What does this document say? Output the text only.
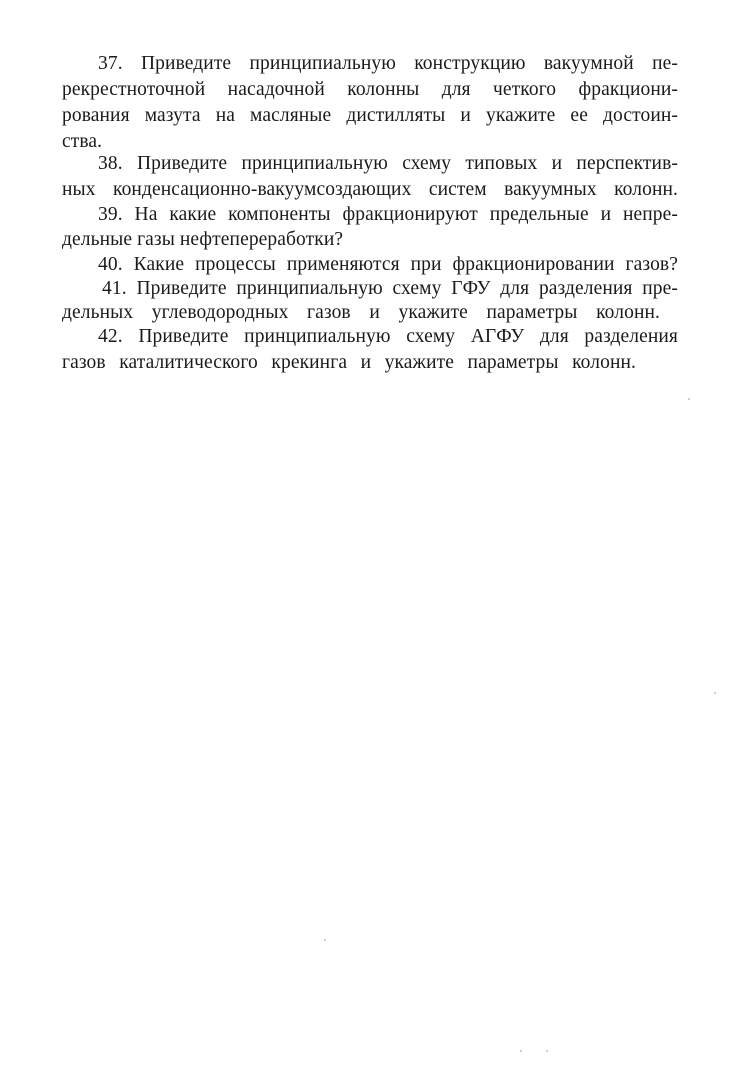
37. Приведите принципиальную конструкцию вакуумной пе-
рекрестноточной насадочной колонны для четкого фракциони-
рования мазута на масляные дистилляты и укажите ее достоин-
ства.
38. Приведите принципиальную схему типовых и перспектив-
ных конденсационно-вакуумсоздающих систем вакуумных колонн.
39. На какие компоненты фракционируют предельные и непре-
дельные газы нефтепереработки?
40. Какие процессы применяются при фракционировании газов?
41. Приведите принципиальную схему ГФУ для разделения пре-
дельных углеводородных газов и укажите параметры колонн.
42. Приведите принципиальную схему АГФУ для разделения
газов каталитического крекинга и укажите параметры колонн.
